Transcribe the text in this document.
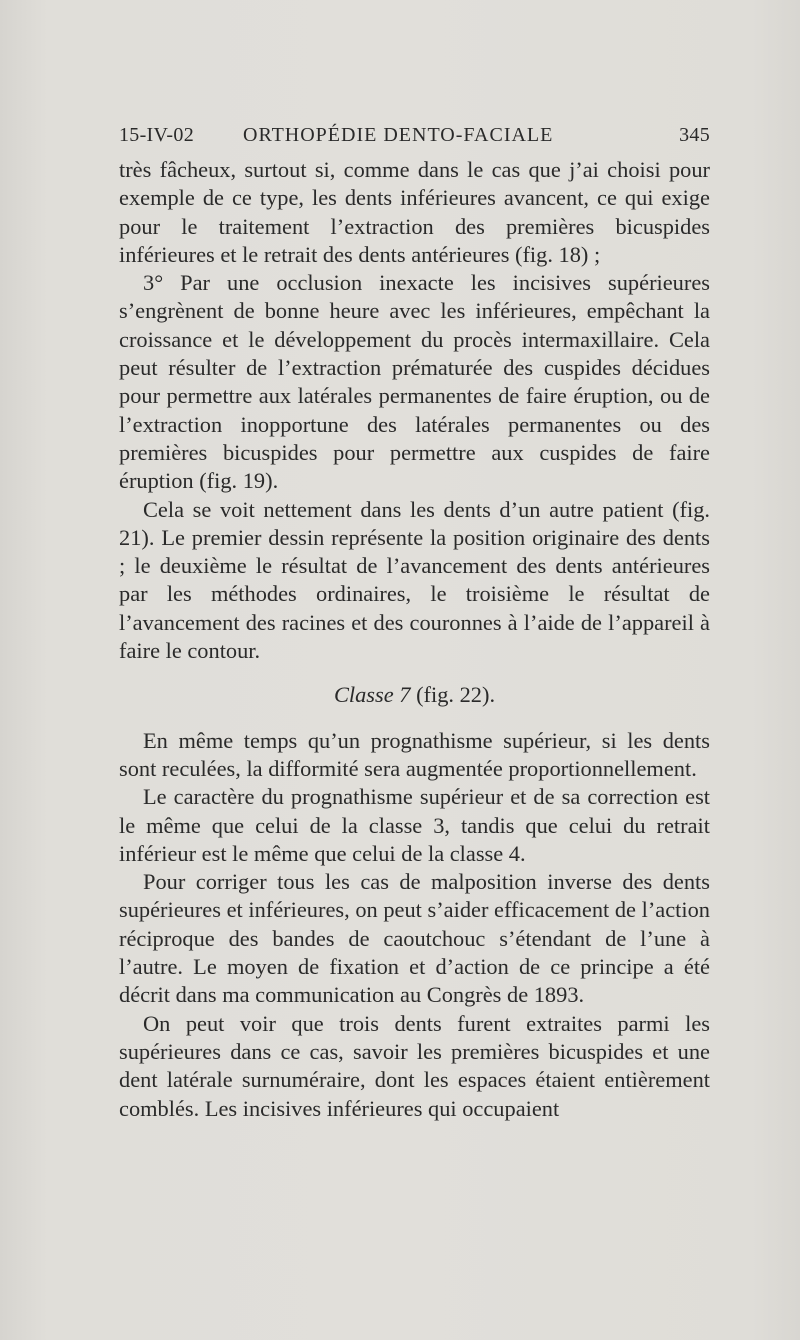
15-IV-02 ORTHOPÉDIE DENTO-FACIALE	345

très fâcheux, surtout si, comme dans le cas que j’ai choisi pour exemple de ce type, les dents inférieures avancent, ce qui exige pour le traitement l’extraction des premières bicuspides inférieures et le retrait des dents antérieures (fig. 18) ;

3° Par une occlusion inexacte les incisives supérieures s’engrènent de bonne heure avec les inférieures, empêchant la croissance et le développement du procès intermaxillaire. Cela peut résulter de l’extraction prématurée des cuspides décidues pour permettre aux latérales permanentes de faire éruption, ou de l’extraction inopportune des latérales permanentes ou des premières bicuspides pour permettre aux cuspides de faire éruption (fig. 19).

Cela se voit nettement dans les dents d’un autre patient (fig. 21). Le premier dessin représente la position originaire des dents ; le deuxième le résultat de l’avancement des dents antérieures par les méthodes ordinaires, le troisième le résultat de l’avancement des racines et des couronnes à l’aide de l’appareil à faire le contour.

Classe 7 (fig. 22).

En même temps qu’un prognathisme supérieur, si les dents sont reculées, la difformité sera augmentée proportionnellement.

Le caractère du prognathisme supérieur et de sa correction est le même que celui de la classe 3, tandis que celui du retrait inférieur est le même que celui de la classe 4.

Pour corriger tous les cas de malposition inverse des dents supérieures et inférieures, on peut s’aider efficacement de l’action réciproque des bandes de caoutchouc s’étendant de l’une à l’autre. Le moyen de fixation et d’action de ce principe a été décrit dans ma communication au Congrès de 1893.

On peut voir que trois dents furent extraites parmi les supérieures dans ce cas, savoir les premières bicuspides et une dent latérale surnuméraire, dont les espaces étaient entièrement comblés. Les incisives inférieures qui occupaient
